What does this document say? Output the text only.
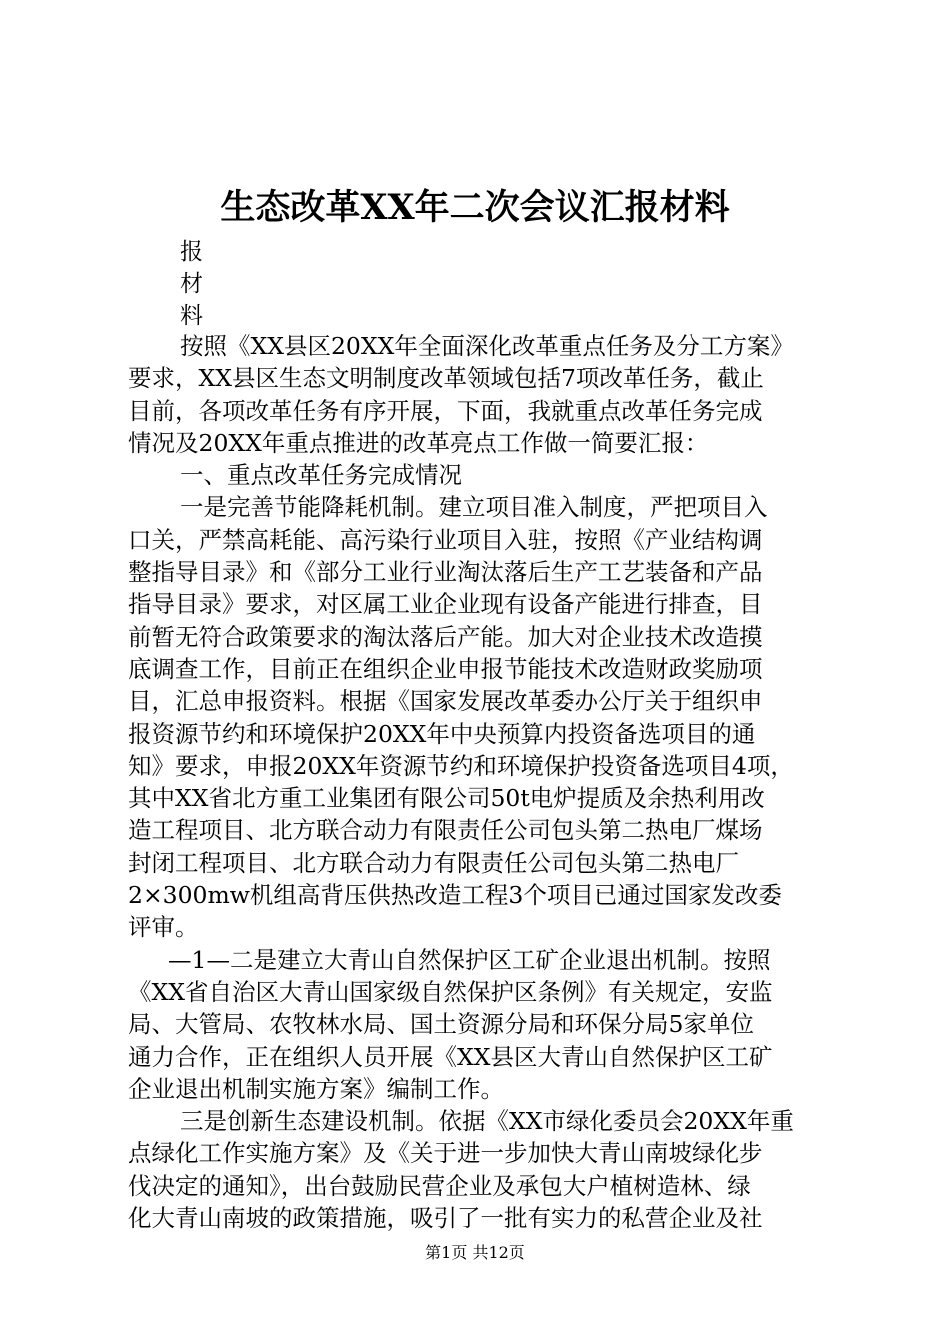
生态改革XX年二次会议汇报材料
报
材
料
按照《XX县区20XX年全面深化改革重点任务及分工方案》
要求，XX县区生态文明制度改革领域包括7项改革任务，截止
目前，各项改革任务有序开展，下面，我就重点改革任务完成
情况及20XX年重点推进的改革亮点工作做一简要汇报：
一、重点改革任务完成情况
一是完善节能降耗机制。建立项目准入制度，严把项目入
口关，严禁高耗能、高污染行业项目入驻，按照《产业结构调
整指导目录》和《部分工业行业淘汰落后生产工艺装备和产品
指导目录》要求，对区属工业企业现有设备产能进行排查，目
前暂无符合政策要求的淘汰落后产能。加大对企业技术改造摸
底调查工作，目前正在组织企业申报节能技术改造财政奖励项
目，汇总申报资料。根据《国家发展改革委办公厅关于组织申
报资源节约和环境保护20XX年中央预算内投资备选项目的通
知》要求，申报20XX年资源节约和环境保护投资备选项目4项，
其中XX省北方重工业集团有限公司50t电炉提质及余热利用改
造工程项目、北方联合动力有限责任公司包头第二热电厂煤场
封闭工程项目、北方联合动力有限责任公司包头第二热电厂
2×300mw机组高背压供热改造工程3个项目已通过国家发改委
评审。
—1—二是建立大青山自然保护区工矿企业退出机制。按照
《XX省自治区大青山国家级自然保护区条例》有关规定，安监
局、大管局、农牧林水局、国土资源分局和环保分局5家单位
通力合作，正在组织人员开展《XX县区大青山自然保护区工矿
企业退出机制实施方案》编制工作。
三是创新生态建设机制。依据《XX市绿化委员会20XX年重
点绿化工作实施方案》及《关于进一步加快大青山南坡绿化步
伐决定的通知》，出台鼓励民营企业及承包大户植树造林、绿
化大青山南坡的政策措施，吸引了一批有实力的私营企业及社
第1页 共12页
